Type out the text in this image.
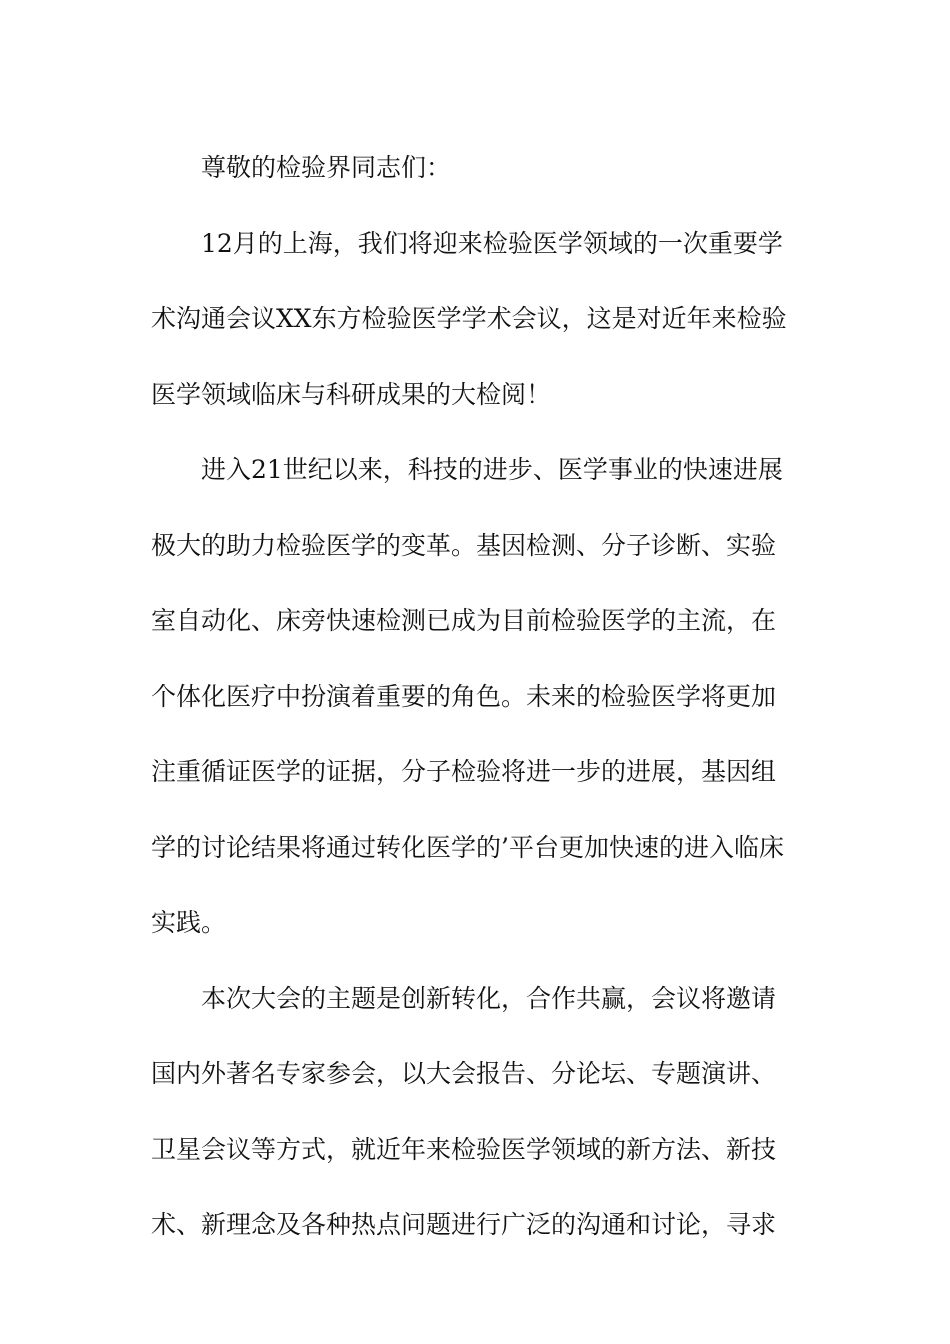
尊敬的检验界同志们：
12月的上海，我们将迎来检验医学领域的一次重要学
术沟通会议XX东方检验医学学术会议，这是对近年来检验
医学领域临床与科研成果的大检阅！
进入21世纪以来，科技的进步、医学事业的快速进展
极大的助力检验医学的变革。基因检测、分子诊断、实验
室自动化、床旁快速检测已成为目前检验医学的主流，在
个体化医疗中扮演着重要的角色。未来的检验医学将更加
注重循证医学的证据，分子检验将进一步的进展，基因组
学的讨论结果将通过转化医学的’平台更加快速的进入临床
实践。
本次大会的主题是创新转化，合作共赢，会议将邀请
国内外著名专家参会，以大会报告、分论坛、专题演讲、
卫星会议等方式，就近年来检验医学领域的新方法、新技
术、新理念及各种热点问题进行广泛的沟通和讨论，寻求
